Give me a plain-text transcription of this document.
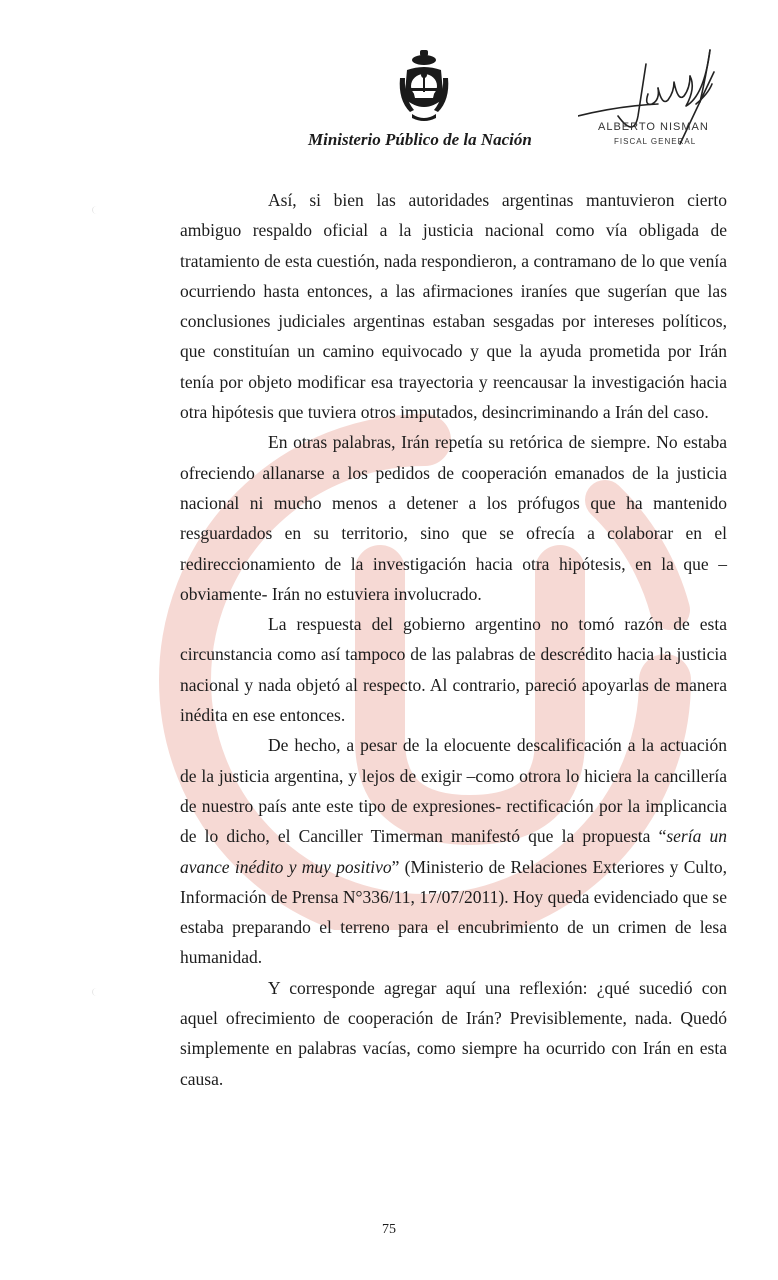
Ministerio Público de la Nación
ALBERTO NISMAN
FISCAL GENERAL

Así, si bien las autoridades argentinas mantuvieron cierto ambiguo respaldo oficial a la justicia nacional como vía obligada de tratamiento de esta cuestión, nada respondieron, a contramano de lo que venía ocurriendo hasta entonces, a las afirmaciones iraníes que sugerían que las conclusiones judiciales argentinas estaban sesgadas por intereses políticos, que constituían un camino equivocado y que la ayuda prometida por Irán tenía por objeto modificar esa trayectoria y reencausar la investigación hacia otra hipótesis que tuviera otros imputados, desincriminando a Irán del caso.

En otras palabras, Irán repetía su retórica de siempre. No estaba ofreciendo allanarse a los pedidos de cooperación emanados de la justicia nacional ni mucho menos a detener a los prófugos que ha mantenido resguardados en su territorio, sino que se ofrecía a colaborar en el redireccionamiento de la investigación hacia otra hipótesis, en la que –obviamente- Irán no estuviera involucrado.

La respuesta del gobierno argentino no tomó razón de esta circunstancia como así tampoco de las palabras de descrédito hacia la justicia nacional y nada objetó al respecto. Al contrario, pareció apoyarlas de manera inédita en ese entonces.

De hecho, a pesar de la elocuente descalificación a la actuación de la justicia argentina, y lejos de exigir –como otrora lo hiciera la cancillería de nuestro país ante este tipo de expresiones- rectificación por la implicancia de lo dicho, el Canciller Timerman manifestó que la propuesta “sería un avance inédito y muy positivo” (Ministerio de Relaciones Exteriores y Culto, Información de Prensa N°336/11, 17/07/2011). Hoy queda evidenciado que se estaba preparando el terreno para el encubrimiento de un crimen de lesa humanidad.

Y corresponde agregar aquí una reflexión: ¿qué sucedió con aquel ofrecimiento de cooperación de Irán? Previsiblemente, nada. Quedó simplemente en palabras vacías, como siempre ha ocurrido con Irán en esta causa.

75
